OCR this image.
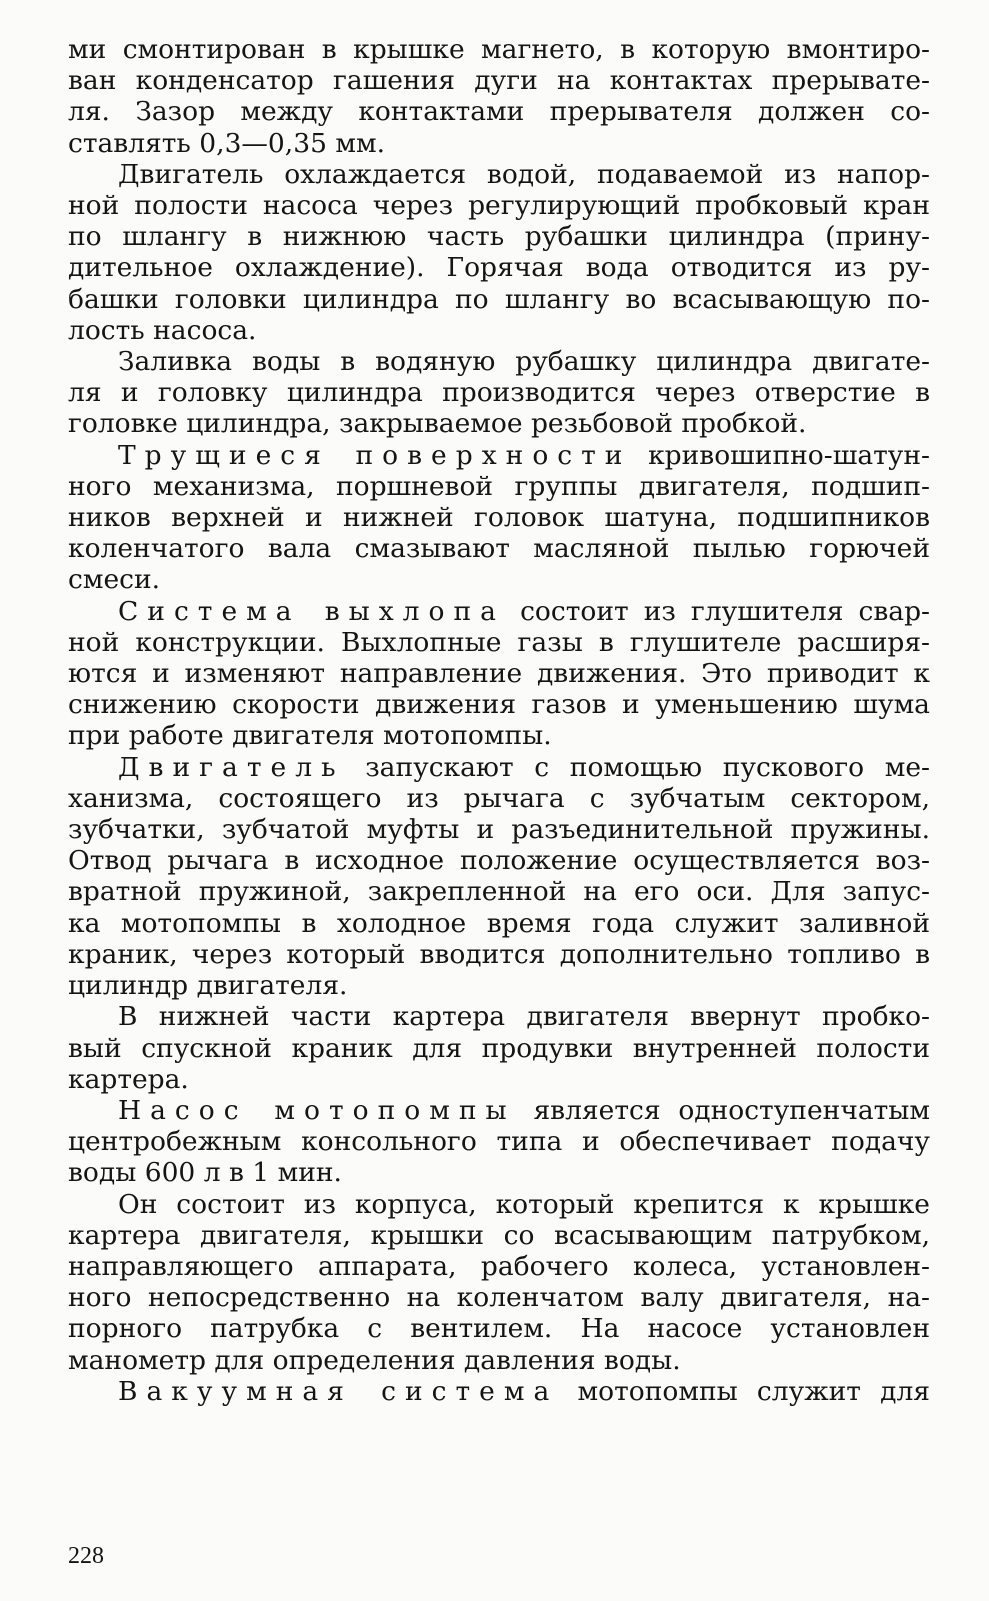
ми смонтирован в крышке магнето, в которую вмонтиро-
ван конденсатор гашения дуги на контактах прерывате-
ля. Зазор между контактами прерывателя должен со-
ставлять 0,3—0,35 мм.

Двигатель охлаждается водой, подаваемой из напор-
ной полости насоса через регулирующий пробковый кран
по шлангу в нижнюю часть рубашки цилиндра (прину-
дительное охлаждение). Горячая вода отводится из ру-
башки головки цилиндра по шлангу во всасывающую по-
лость насоса.

Заливка воды в водяную рубашку цилиндра двигате-
ля и головку цилиндра производится через отверстие в
головке цилиндра, закрываемое резьбовой пробкой.

Трущиеся поверхности кривошипно-шатун-
ного механизма, поршневой группы двигателя, подшип-
ников верхней и нижней головок шатуна, подшипников
коленчатого вала смазывают масляной пылью горючей
смеси.

Система выхлопа состоит из глушителя свар-
ной конструкции. Выхлопные газы в глушителе расширя-
ются и изменяют направление движения. Это приводит к
снижению скорости движения газов и уменьшению шума
при работе двигателя мотопомпы.

Двигатель запускают с помощью пускового ме-
ханизма, состоящего из рычага с зубчатым сектором,
зубчатки, зубчатой муфты и разъединительной пружины.
Отвод рычага в исходное положение осуществляется воз-
вратной пружиной, закрепленной на его оси. Для запус-
ка мотопомпы в холодное время года служит заливной
краник, через который вводится дополнительно топливо в
цилиндр двигателя.

В нижней части картера двигателя ввернут пробко-
вый спускной краник для продувки внутренней полости
картера.

Насос мотопомпы является одноступенчатым
центробежным консольного типа и обеспечивает подачу
воды 600 л в 1 мин.

Он состоит из корпуса, который крепится к крышке
картера двигателя, крышки со всасывающим патрубком,
направляющего аппарата, рабочего колеса, установлен-
ного непосредственно на коленчатом валу двигателя, на-
порного патрубка с вентилем. На насосе установлен
манометр для определения давления воды.

Вакуумная система мотопомпы служит для

228
